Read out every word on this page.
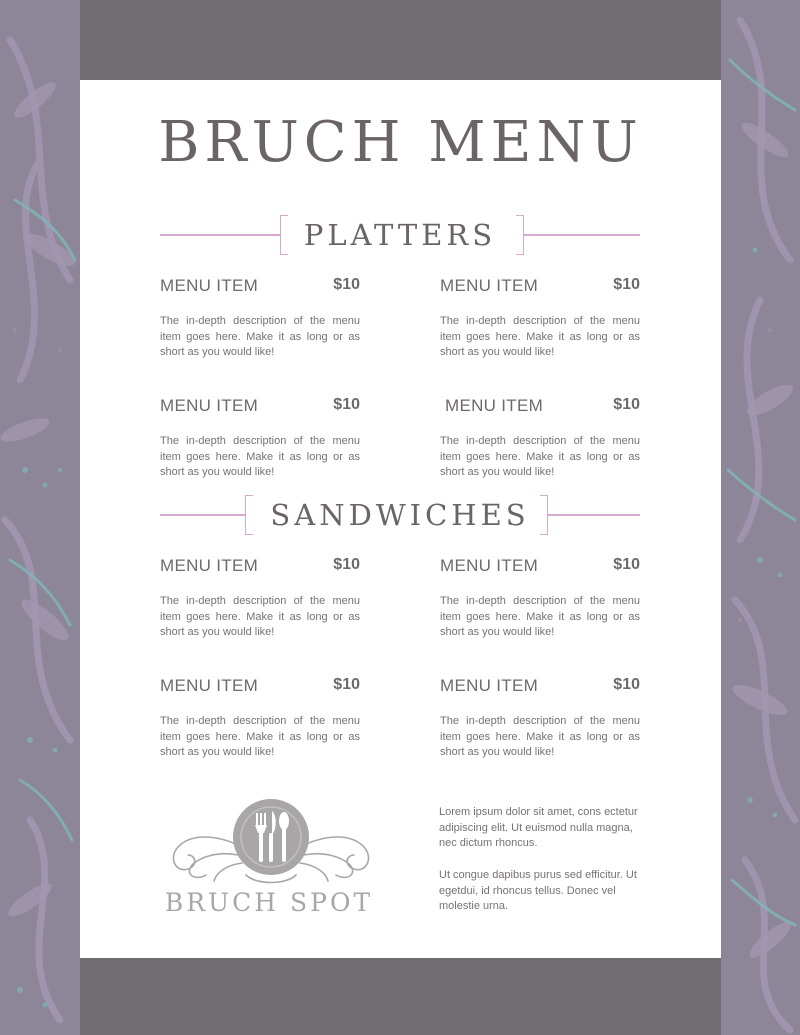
BRUCH MENU
PLATTERS
MENU ITEM	$10
The in-depth description of the menu item goes here. Make it as long or as short as you would like!
MENU ITEM	$10
The in-depth description of the menu item goes here. Make it as long or as short as you would like!
MENU ITEM	$10
The in-depth description of the menu item goes here. Make it as long or as short as you would like!
MENU ITEM	$10
The in-depth description of the menu item goes here. Make it as long or as short as you would like!
SANDWICHES
MENU ITEM	$10
The in-depth description of the menu item goes here. Make it as long or as short as you would like!
MENU ITEM	$10
The in-depth description of the menu item goes here. Make it as long or as short as you would like!
MENU ITEM	$10
The in-depth description of the menu item goes here. Make it as long or as short as you would like!
MENU ITEM	$10
The in-depth description of the menu item goes here. Make it as long or as short as you would like!
BRUCH SPOT

Lorem ipsum dolor sit amet, cons ectetur adipiscing elit. Ut euismod nulla magna, nec dictum rhoncus.

Ut congue dapibus purus sed efficitur. Ut egetdui, id rhoncus tellus. Donec vel molestie urna.
